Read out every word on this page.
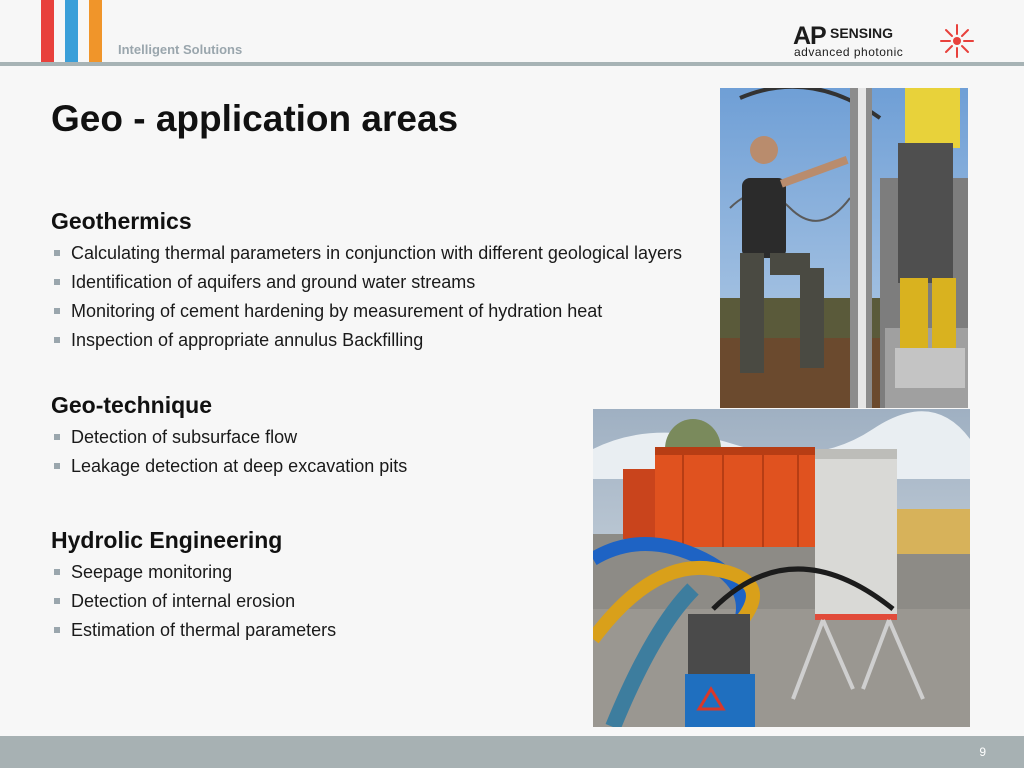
Intelligent Solutions	AP SENSING
advanced photonic
Geo - application areas
Geothermics
Calculating thermal parameters in conjunction with different geological layers
Identification of aquifers and ground water streams
Monitoring of cement hardening by measurement of hydration heat
Inspection of appropriate annulus Backfilling
Geo-technique
Detection of subsurface flow
Leakage detection at deep excavation pits
Hydrolic Engineering
Seepage monitoring
Detection of internal erosion
Estimation of thermal parameters
9
